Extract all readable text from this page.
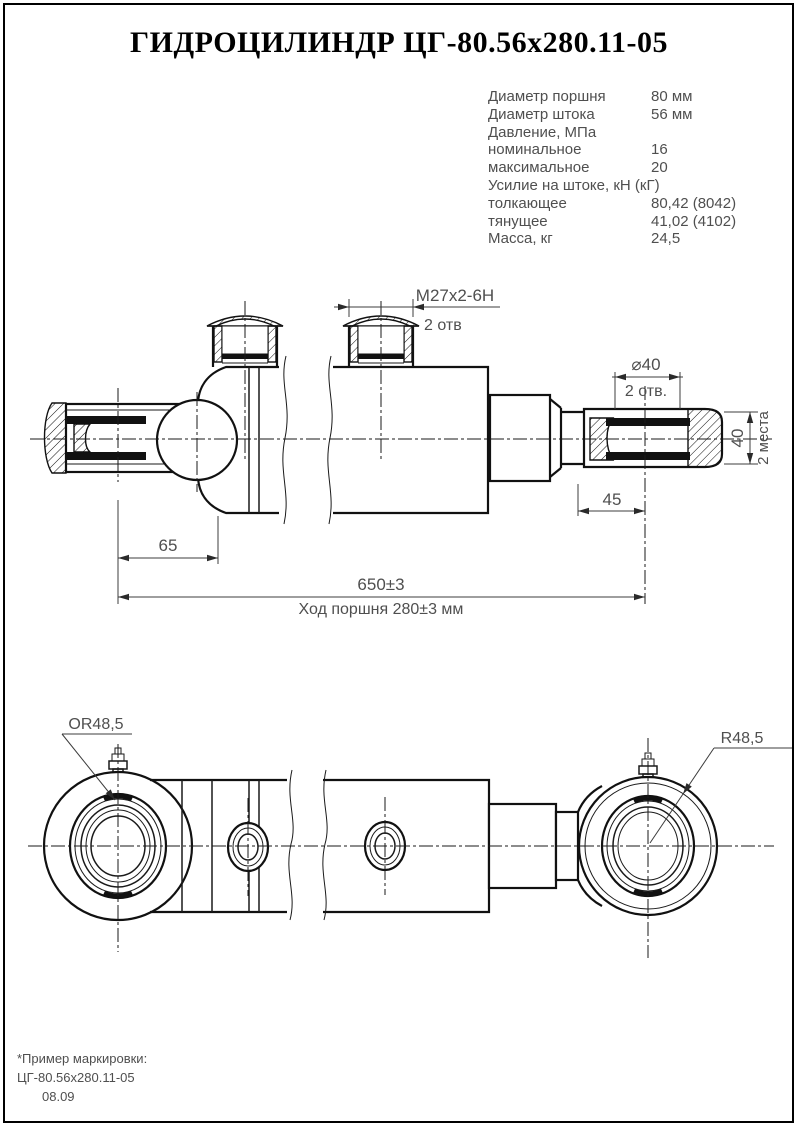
ГИДРОЦИЛИНДР ЦГ-80.56х280.11-05
Диаметр поршня	80 мм
Диаметр штока	56 мм
Давление, МПа
номинальное	16
максимальное	20
Усилие на штоке, кН (кГ)
толкающее	80,42 (8042)
тянущее	41,02 (4102)
Масса, кг	24,5
М27х2-6Н
2 отв
⌀40
2 отв.
45
40 2 места
65
650±3
Ход поршня 280±3 мм
OR48,5
R48,5
*Пример маркировки:
ЦГ-80.56х280.11-05
08.09
